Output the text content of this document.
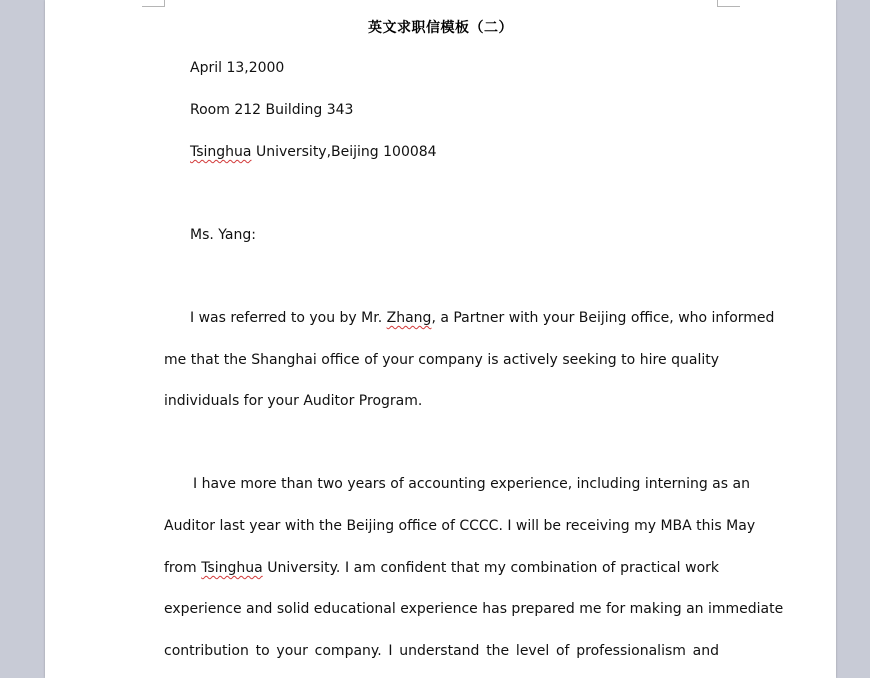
英文求职信模板（二）
April 13,2000
Room 212 Building 343
Tsinghua University,Beijing 100084
Ms. Yang:
I was referred to you by Mr. Zhang, a Partner with your Beijing office, who informed
me that the Shanghai office of your company is actively seeking to hire quality
individuals for your Auditor Program.
I have more than two years of accounting experience, including interning as an
Auditor last year with the Beijing office of CCCC. I will be receiving my MBA this May
from Tsinghua University. I am confident that my combination of practical work
experience and solid educational experience has prepared me for making an immediate
contribution to your company. I understand the level of professionalism and
